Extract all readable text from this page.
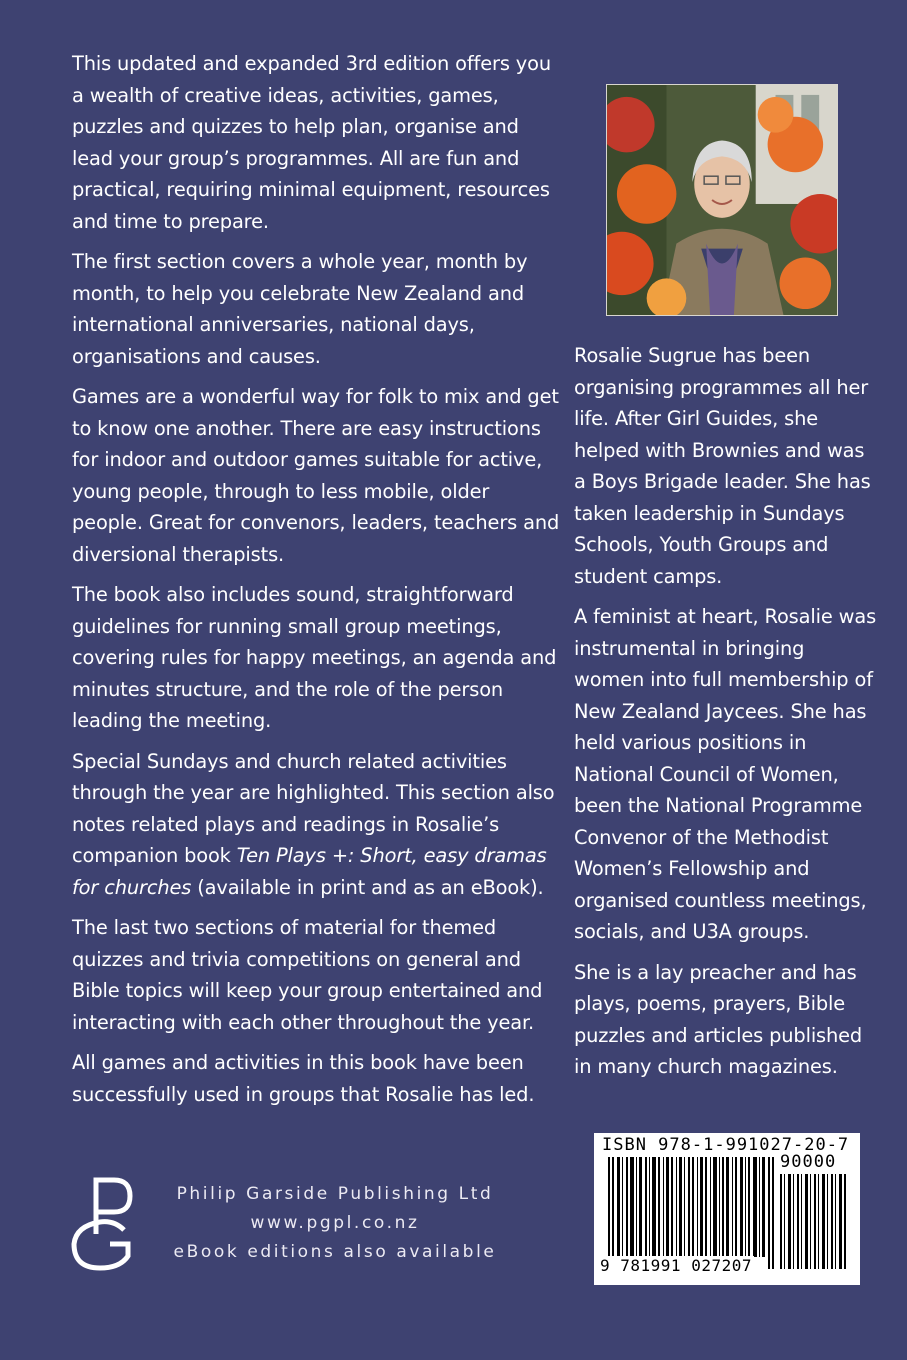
This updated and expanded 3rd edition offers you a wealth of creative ideas, activities, games, puzzles and quizzes to help plan, organise and lead your group’s programmes. All are fun and practical, requiring minimal equipment, resources and time to prepare.

The first section covers a whole year, month by month, to help you celebrate New Zealand and international anniversaries, national days, organisations and causes.

Games are a wonderful way for folk to mix and get to know one another. There are easy instructions for indoor and outdoor games suitable for active, young people, through to less mobile, older people. Great for convenors, leaders, teachers and diversional therapists.

The book also includes sound, straightforward guidelines for running small group meetings, covering rules for happy meetings, an agenda and minutes structure, and the role of the person leading the meeting.

Special Sundays and church related activities through the year are highlighted. This section also notes related plays and readings in Rosalie’s companion book Ten Plays +: Short, easy dramas for churches (available in print and as an eBook).

The last two sections of material for themed quizzes and trivia competitions on general and Bible topics will keep your group entertained and interacting with each other throughout the year.

All games and activities in this book have been successfully used in groups that Rosalie has led.

Rosalie Sugrue has been organising programmes all her life. After Girl Guides, she helped with Brownies and was a Boys Brigade leader. She has taken leadership in Sundays Schools, Youth Groups and student camps.

A feminist at heart, Rosalie was instrumental in bringing women into full membership of New Zealand Jaycees. She has held various positions in National Council of Women, been the National Programme Convenor of the Methodist Women’s Fellowship and organised countless meetings, socials, and U3A groups.

She is a lay preacher and has plays, poems, prayers, Bible puzzles and articles published in many church magazines.

Philip Garside Publishing Ltd
www.pgpl.co.nz
eBook editions also available
ISBN 978-1-991027-20-7
90000
9 781991 027207
